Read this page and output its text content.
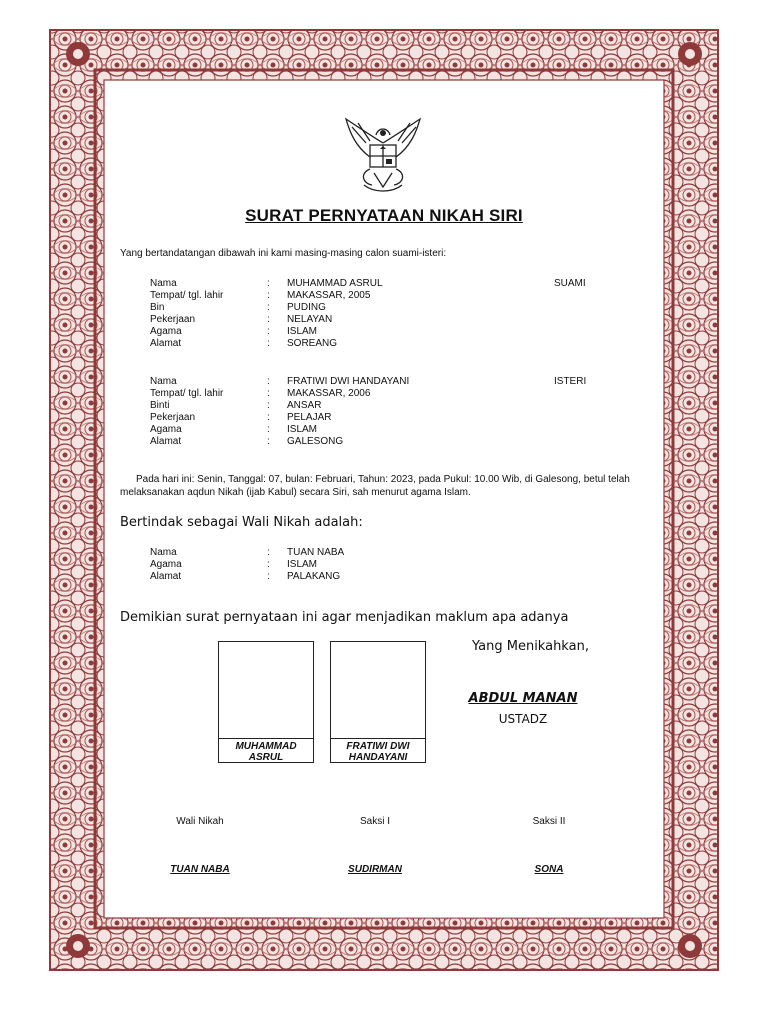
SURAT PERNYATAAN NIKAH SIRI
Yang bertandatangan dibawah ini kami masing-masing calon suami-isteri:
SUAMI
Nama	: MUHAMMAD ASRUL
Tempat/ tgl. lahir	: MAKASSAR, 2005
Bin	: PUDING
Pekerjaan	: NELAYAN
Agama	: ISLAM
Alamat	: SOREANG
ISTERI
Nama	: FRATIWI DWI HANDAYANI
Tempat/ tgl. lahir	: MAKASSAR, 2006
Binti	: ANSAR
Pekerjaan	: PELAJAR
Agama	: ISLAM
Alamat	: GALESONG
Pada hari ini: Senin, Tanggal: 07, bulan: Februari, Tahun: 2023, pada Pukul: 10.00 Wib, di Galesong, betul telah
melaksanakan aqdun Nikah (ijab Kabul) secara Siri, sah menurut agama Islam.
Bertindak sebagai Wali Nikah adalah:
Nama	: TUAN NABA
Agama	: ISLAM
Alamat	: PALAKANG
Demikian surat pernyataan ini agar menjadikan maklum apa adanya
MUHAMMAD ASRUL
FRATIWI DWI HANDAYANI
Yang Menikahkan,
ABDUL MANAN
USTADZ
Wali Nikah	Saksi I	Saksi II
TUAN NABA	SUDIRMAN	SONA
